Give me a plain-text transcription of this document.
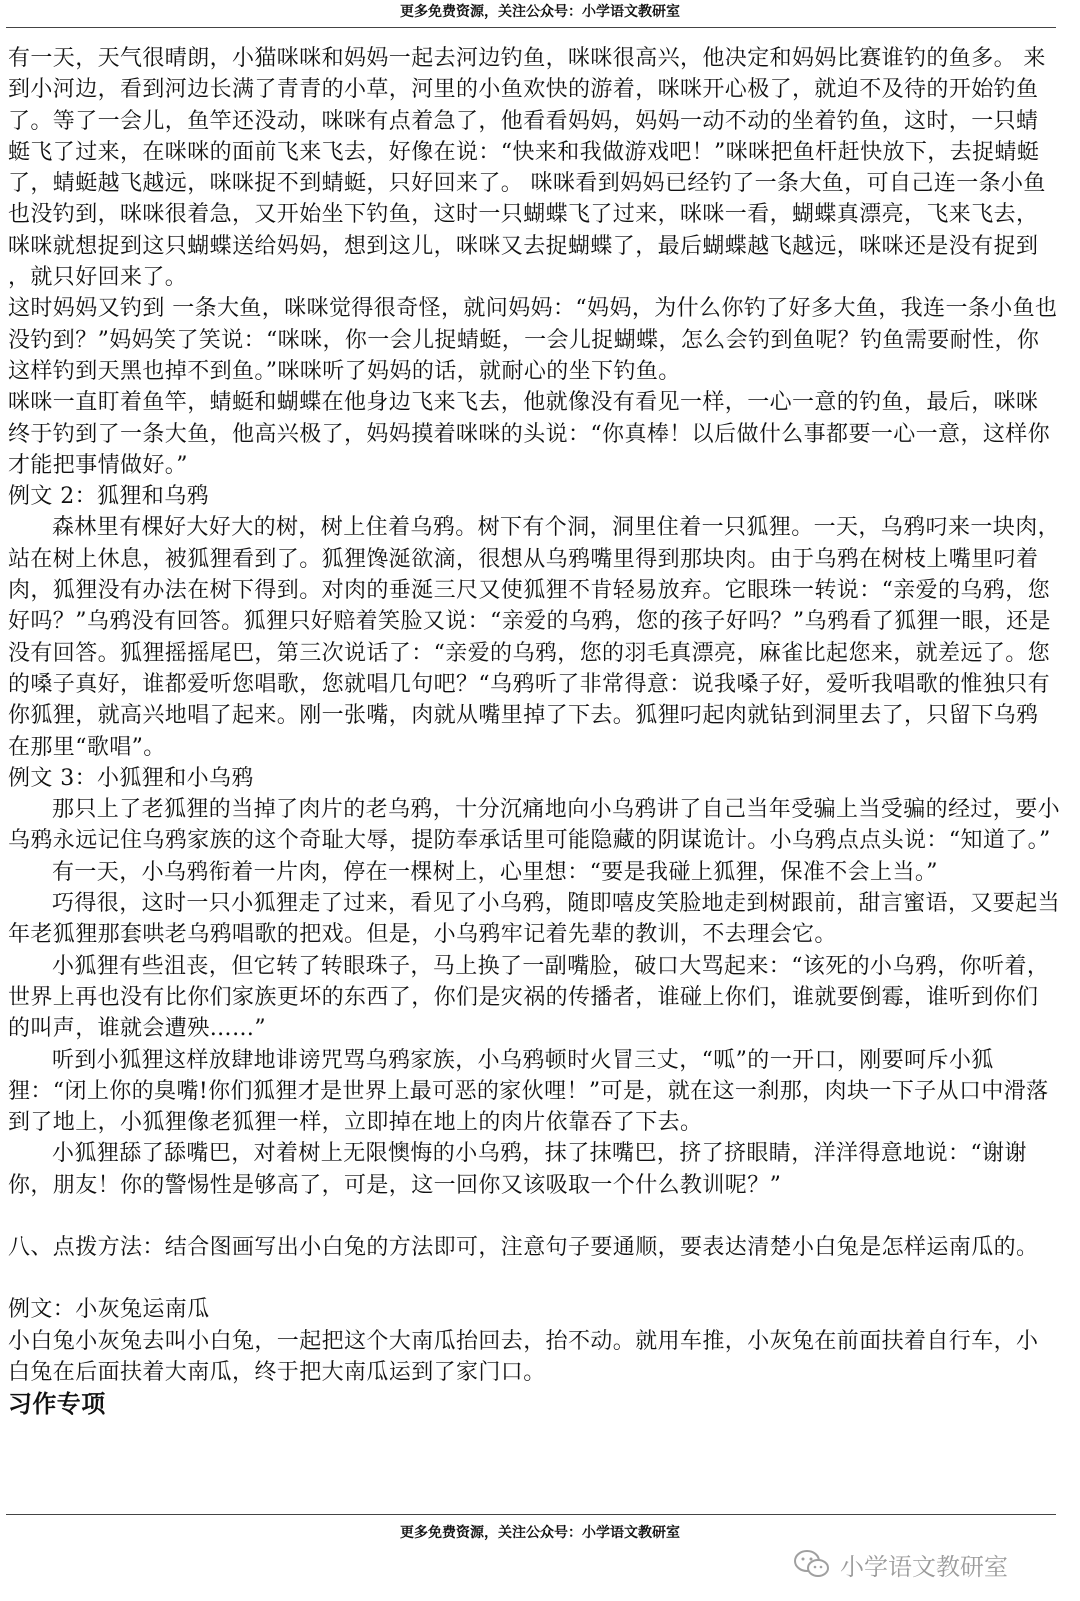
更多免费资源，关注公众号：小学语文教研室

有一天，天气很晴朗，小猫咪咪和妈妈一起去河边钓鱼，咪咪很高兴，他决定和妈妈比赛谁钓的鱼多。 来到小河边，看到河边长满了青青的小草，河里的小鱼欢快的游着，咪咪开心极了，就迫不及待的开始钓鱼了。等了一会儿，鱼竿还没动，咪咪有点着急了，他看看妈妈，妈妈一动不动的坐着钓鱼，这时，一只蜻蜓飞了过来，在咪咪的面前飞来飞去，好像在说：“快来和我做游戏吧！”咪咪把鱼杆赶快放下，去捉蜻蜓了，蜻蜓越飞越远，咪咪捉不到蜻蜓，只好回来了。 咪咪看到妈妈已经钓了一条大鱼，可自己连一条小鱼也没钓到，咪咪很着急，又开始坐下钓鱼，这时一只蝴蝶飞了过来，咪咪一看，蝴蝶真漂亮，飞来飞去，咪咪就想捉到这只蝴蝶送给妈妈，想到这儿，咪咪又去捉蝴蝶了，最后蝴蝶越飞越远，咪咪还是没有捉到 ，就只好回来了。

这时妈妈又钓到 一条大鱼，咪咪觉得很奇怪，就问妈妈：“妈妈，为什么你钓了好多大鱼，我连一条小鱼也没钓到？”妈妈笑了笑说：“咪咪，你一会儿捉蜻蜓，一会儿捉蝴蝶，怎么会钓到鱼呢？钓鱼需要耐性，你这样钓到天黑也掉不到鱼。”咪咪听了妈妈的话，就耐心的坐下钓鱼。

咪咪一直盯着鱼竿，蜻蜓和蝴蝶在他身边飞来飞去，他就像没有看见一样，一心一意的钓鱼，最后，咪咪终于钓到了一条大鱼，他高兴极了，妈妈摸着咪咪的头说：“你真棒！以后做什么事都要一心一意，这样你才能把事情做好。”

例文 2：狐狸和乌鸦

森林里有棵好大好大的树，树上住着乌鸦。树下有个洞，洞里住着一只狐狸。一天，乌鸦叼来一块肉，站在树上休息，被狐狸看到了。狐狸馋涎欲滴，很想从乌鸦嘴里得到那块肉。由于乌鸦在树枝上嘴里叼着肉，狐狸没有办法在树下得到。对肉的垂涎三尺又使狐狸不肯轻易放弃。它眼珠一转说：“亲爱的乌鸦，您好吗？”乌鸦没有回答。狐狸只好赔着笑脸又说：“亲爱的乌鸦，您的孩子好吗？”乌鸦看了狐狸一眼，还是没有回答。狐狸摇摇尾巴，第三次说话了：“亲爱的乌鸦，您的羽毛真漂亮，麻雀比起您来，就差远了。您的嗓子真好，谁都爱听您唱歌，您就唱几句吧？“乌鸦听了非常得意：说我嗓子好，爱听我唱歌的惟独只有你狐狸，就高兴地唱了起来。刚一张嘴，肉就从嘴里掉了下去。狐狸叼起肉就钻到洞里去了，只留下乌鸦在那里“歌唱”。

例文 3：小狐狸和小乌鸦

那只上了老狐狸的当掉了肉片的老乌鸦，十分沉痛地向小乌鸦讲了自己当年受骗上当受骗的经过，要小乌鸦永远记住乌鸦家族的这个奇耻大辱，提防奉承话里可能隐藏的阴谋诡计。小乌鸦点点头说：“知道了。”

有一天，小乌鸦衔着一片肉，停在一棵树上，心里想：“要是我碰上狐狸，保准不会上当。”

巧得很，这时一只小狐狸走了过来，看见了小乌鸦，随即嘻皮笑脸地走到树跟前，甜言蜜语，又要起当年老狐狸那套哄老乌鸦唱歌的把戏。但是，小乌鸦牢记着先辈的教训，不去理会它。

小狐狸有些沮丧，但它转了转眼珠子，马上换了一副嘴脸，破口大骂起来：“该死的小乌鸦，你听着，世界上再也没有比你们家族更坏的东西了，你们是灾祸的传播者，谁碰上你们，谁就要倒霉，谁听到你们的叫声，谁就会遭殃……”

听到小狐狸这样放肆地诽谤咒骂乌鸦家族，小乌鸦顿时火冒三丈，“呱”的一开口，刚要呵斥小狐狸：“闭上你的臭嘴!你们狐狸才是世界上最可恶的家伙哩！”可是，就在这一刹那，肉块一下子从口中滑落到了地上，小狐狸像老狐狸一样，立即掉在地上的肉片依靠吞了下去。

小狐狸舔了舔嘴巴，对着树上无限懊悔的小乌鸦，抹了抹嘴巴，挤了挤眼睛，洋洋得意地说：“谢谢你，朋友！你的警惕性是够高了，可是，这一回你又该吸取一个什么教训呢？”

八、点拨方法：结合图画写出小白兔的方法即可，注意句子要通顺，要表达清楚小白兔是怎样运南瓜的。

例文：小灰兔运南瓜

小白兔小灰兔去叫小白兔，一起把这个大南瓜抬回去，抬不动。就用车推，小灰兔在前面扶着自行车，小白兔在后面扶着大南瓜，终于把大南瓜运到了家门口。

习作专项
更多免费资源，关注公众号：小学语文教研室
小学语文教研室
